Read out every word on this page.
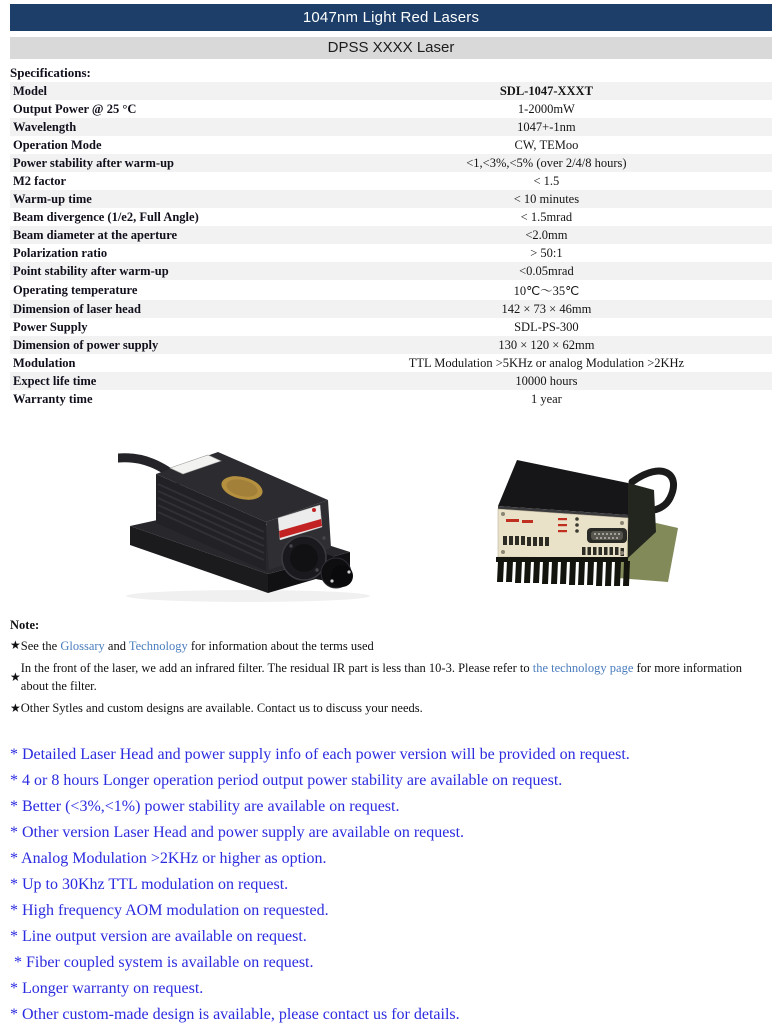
1047nm Light Red Lasers
DPSS XXXX Laser
Specifications:
Model	SDL-1047-XXXT
Output Power @ 25 °C	1-2000mW
Wavelength	1047+-1nm
Operation Mode	CW, TEMoo
Power stability after warm-up	<1,<3%,<5% (over 2/4/8 hours)
M2 factor	< 1.5
Warm-up time	< 10 minutes
Beam divergence (1/e2, Full Angle)	< 1.5mrad
Beam diameter at the aperture	<2.0mm
Polarization ratio	> 50:1
Point stability after warm-up	<0.05mrad
Operating temperature	10℃～35℃
Dimension of laser head	142 × 73 × 46mm
Power Supply	SDL-PS-300
Dimension of power supply	130 × 120 × 62mm
Modulation	TTL Modulation >5KHz or analog Modulation >2KHz
Expect life time	10000 hours
Warranty time	1 year
Note:
★ See the Glossary and Technology for information about the terms used
★
In the front of the laser, we add an infrared filter. The residual IR part is less than 10-3. Please refer to the technology page for more information about the filter.
★ Other Sytles and custom designs are available. Contact us to discuss your needs.
* Detailed Laser Head and power supply info of each power version will be provided on request.
* 4 or 8 hours Longer operation period output power stability are available on request.
* Better (<3%,<1%) power stability are available on request.
* Other version Laser Head and power supply are available on request.
* Analog Modulation >2KHz or higher as option.
* Up to 30Khz TTL modulation on request.
* High frequency AOM modulation on requested.
* Line output version are available on request.
* Fiber coupled system is available on request.
* Longer warranty on request.
* Other custom-made design is available, please contact us for details.
